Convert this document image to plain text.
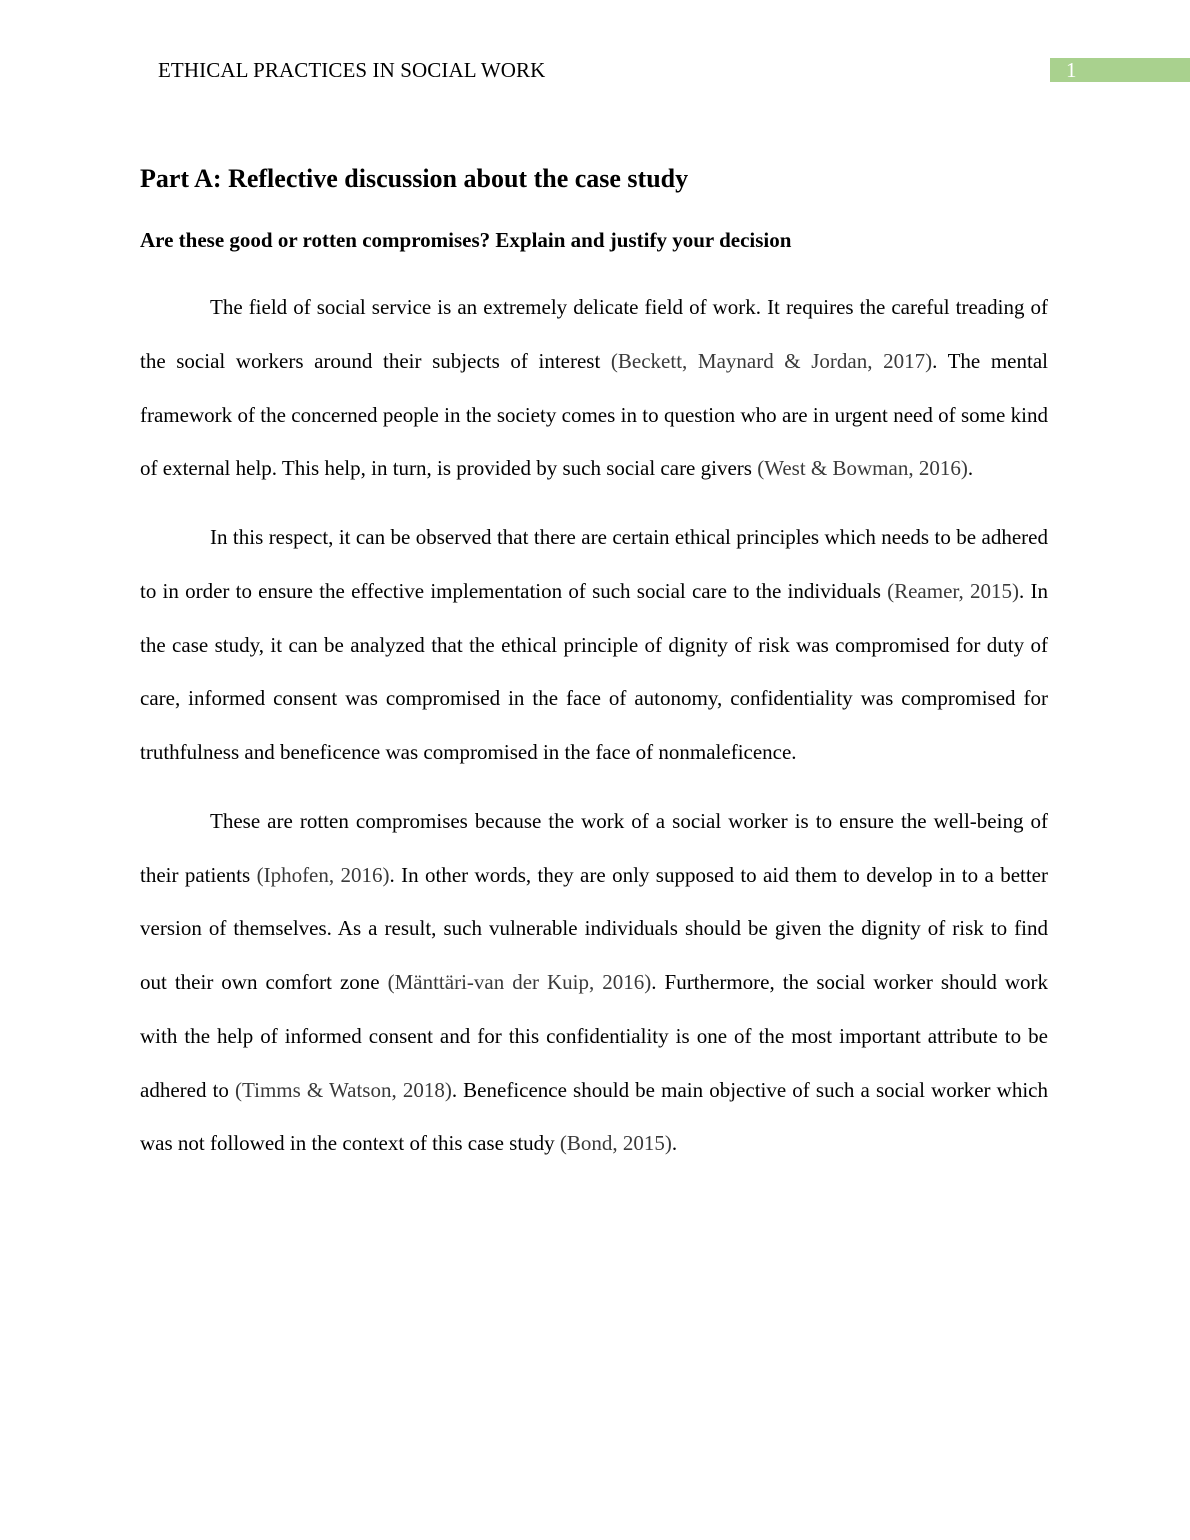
ETHICAL PRACTICES IN SOCIAL WORK	1
Part A: Reflective discussion about the case study
Are these good or rotten compromises? Explain and justify your decision

The field of social service is an extremely delicate field of work. It requires the careful treading of the social workers around their subjects of interest (Beckett, Maynard & Jordan, 2017). The mental framework of the concerned people in the society comes in to question who are in urgent need of some kind of external help. This help, in turn, is provided by such social care givers (West & Bowman, 2016).

In this respect, it can be observed that there are certain ethical principles which needs to be adhered to in order to ensure the effective implementation of such social care to the individuals (Reamer, 2015). In the case study, it can be analyzed that the ethical principle of dignity of risk was compromised for duty of care, informed consent was compromised in the face of autonomy, confidentiality was compromised for truthfulness and beneficence was compromised in the face of nonmaleficence.

These are rotten compromises because the work of a social worker is to ensure the well-being of their patients (Iphofen, 2016). In other words, they are only supposed to aid them to develop in to a better version of themselves. As a result, such vulnerable individuals should be given the dignity of risk to find out their own comfort zone (Mänttäri-van der Kuip, 2016). Furthermore, the social worker should work with the help of informed consent and for this confidentiality is one of the most important attribute to be adhered to (Timms & Watson, 2018). Beneficence should be main objective of such a social worker which was not followed in the context of this case study (Bond, 2015).
